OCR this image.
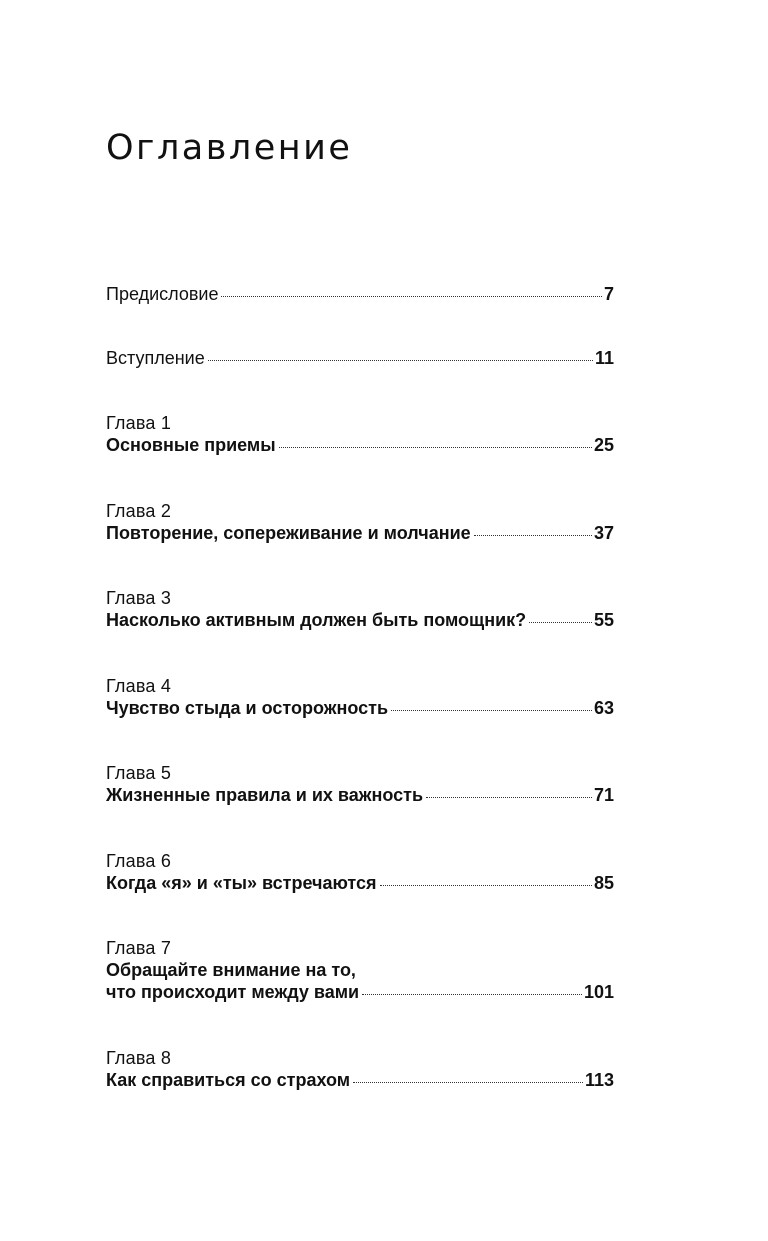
Оглавление
Предисловие	7
Вступление	11
Глава 1
Основные приемы	25
Глава 2
Повторение, сопереживание и молчание	37
Глава 3
Насколько активным должен быть помощник?	55
Глава 4
Чувство стыда и осторожность	63
Глава 5
Жизненные правила и их важность	71
Глава 6
Когда «я» и «ты» встречаются	85
Глава 7
Обращайте внимание на то,
что происходит между вами	101
Глава 8
Как справиться со страхом	113
